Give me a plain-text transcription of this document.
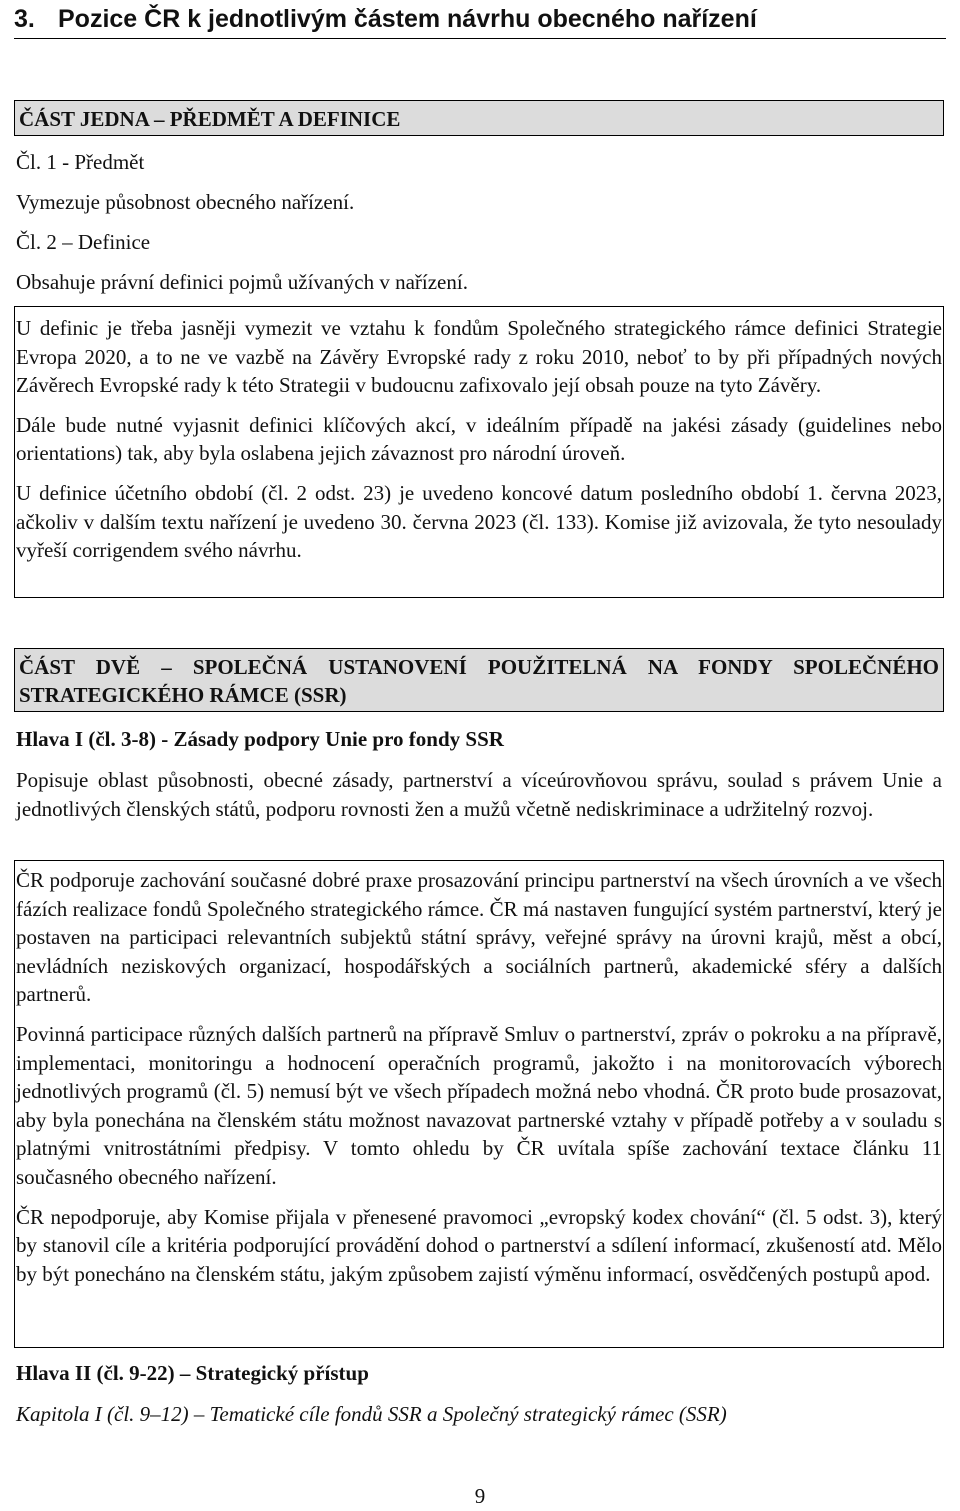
3. Pozice ČR k jednotlivým částem návrhu obecného nařízení
ČÁST JEDNA – PŘEDMĚT A DEFINICE

Čl. 1 - Předmět

Vymezuje působnost obecného nařízení.

Čl. 2 – Definice

Obsahuje právní definici pojmů užívaných v nařízení.

U definic je třeba jasněji vymezit ve vztahu k fondům Společného strategického rámce definici Strategie Evropa 2020, a to ne ve vazbě na Závěry Evropské rady z roku 2010, neboť to by při případných nových Závěrech Evropské rady k této Strategii v budoucnu zafixovalo její obsah pouze na tyto Závěry.

Dále bude nutné vyjasnit definici klíčových akcí, v ideálním případě na jakési zásady (guidelines nebo orientations) tak, aby byla oslabena jejich závaznost pro národní úroveň.

U definice účetního období (čl. 2 odst. 23) je uvedeno koncové datum posledního období 1. června 2023, ačkoliv v dalším textu nařízení je uvedeno 30. června 2023 (čl. 133). Komise již avizovala, že tyto nesoulady vyřeší corrigendem svého návrhu.

ČÁST DVĚ – SPOLEČNÁ USTANOVENÍ POUŽITELNÁ NA FONDY SPOLEČNÉHO STRATEGICKÉHO RÁMCE (SSR)

Hlava I (čl. 3-8) - Zásady podpory Unie pro fondy SSR

Popisuje oblast působnosti, obecné zásady, partnerství a víceúrovňovou správu, soulad s právem Unie a jednotlivých členských států, podporu rovnosti žen a mužů včetně nediskriminace a udržitelný rozvoj.

ČR podporuje zachování současné dobré praxe prosazování principu partnerství na všech úrovních a ve všech fázích realizace fondů Společného strategického rámce. ČR má nastaven fungující systém partnerství, který je postaven na participaci relevantních subjektů státní správy, veřejné správy na úrovni krajů, měst a obcí, nevládních neziskových organizací, hospodářských a sociálních partnerů, akademické sféry a dalších partnerů.

Povinná participace různých dalších partnerů na přípravě Smluv o partnerství, zpráv o pokroku a na přípravě, implementaci, monitoringu a hodnocení operačních programů, jakožto i na monitorovacích výborech jednotlivých programů (čl. 5) nemusí být ve všech případech možná nebo vhodná. ČR proto bude prosazovat, aby byla ponechána na členském státu možnost navazovat partnerské vztahy v případě potřeby a v souladu s platnými vnitrostátními předpisy. V tomto ohledu by ČR uvítala spíše zachování textace článku 11 současného obecného nařízení.

ČR nepodporuje, aby Komise přijala v přenesené pravomoci „evropský kodex chování“ (čl. 5 odst. 3), který by stanovil cíle a kritéria podporující provádění dohod o partnerství a sdílení informací, zkušeností atd. Mělo by být ponecháno na členském státu, jakým způsobem zajistí výměnu informací, osvědčených postupů apod.

Hlava II (čl. 9-22) – Strategický přístup

Kapitola I (čl. 9–12) – Tematické cíle fondů SSR a Společný strategický rámec (SSR)

9
